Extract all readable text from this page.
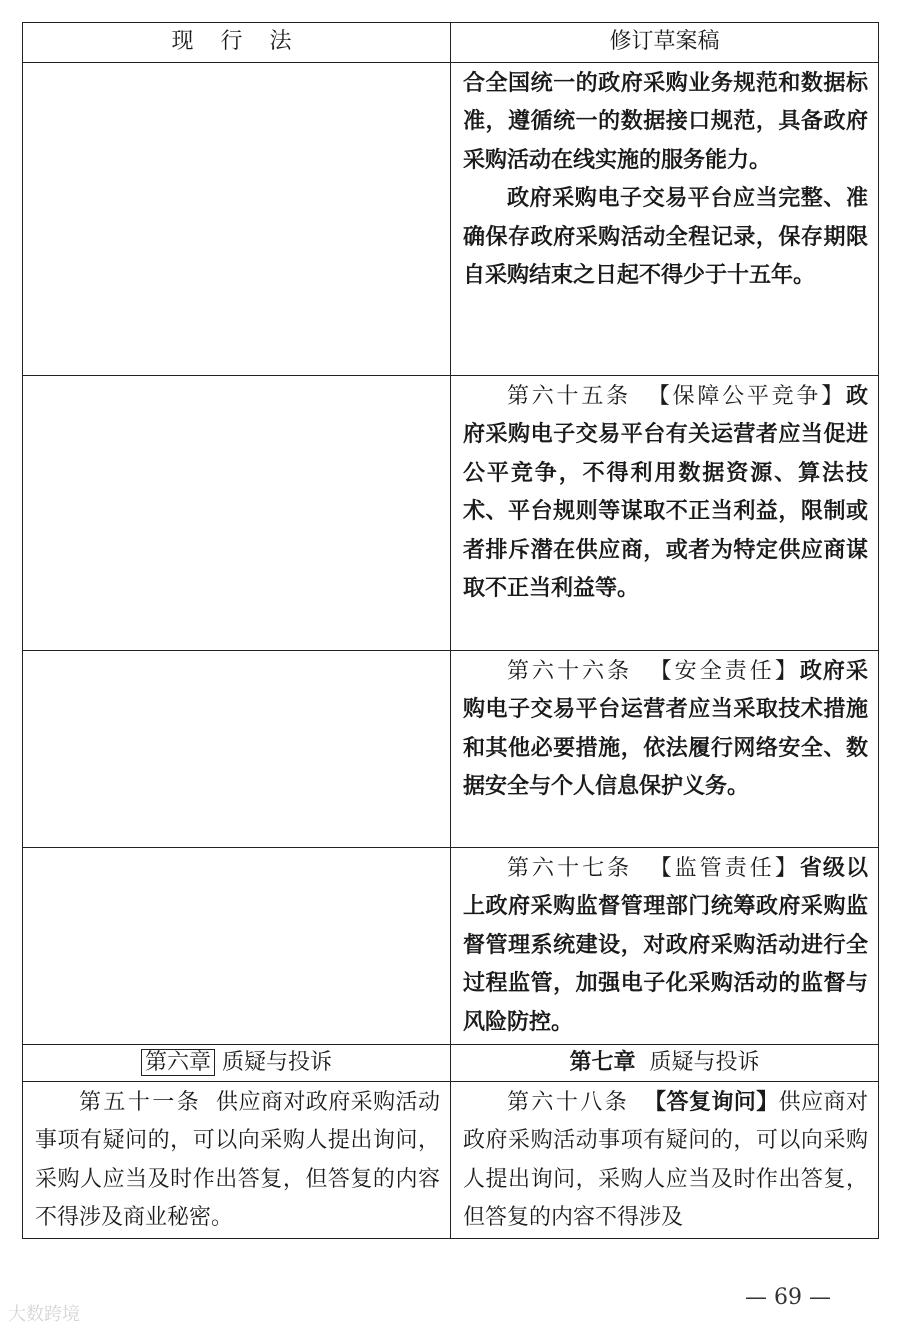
现 行 法	修订草案稿

	合全国统一的政府采购业务规范和数据标准，遵循统一的数据接口规范，具备政府采购活动在线实施的服务能力。

政府采购电子交易平台应当完整、准确保存政府采购活动全程记录，保存期限自采购结束之日起不得少于十五年。

	第六十五条 【保障公平竞争】政府采购电子交易平台有关运营者应当促进公平竞争，不得利用数据资源、算法技术、平台规则等谋取不正当利益，限制或者排斥潜在供应商，或者为特定供应商谋取不正当利益等。

	第六十六条 【安全责任】政府采购电子交易平台运营者应当采取技术措施和其他必要措施，依法履行网络安全、数据安全与个人信息保护义务。

	第六十七条 【监管责任】省级以上政府采购监督管理部门统筹政府采购监督管理系统建设，对政府采购活动进行全过程监管，加强电子化采购活动的监督与风险防控。

第六章 质疑与投诉	第七章 质疑与投诉

第五十一条 供应商对政府采购活动事项有疑问的，可以向采购人提出询问，采购人应当及时作出答复，但答复的内容不得涉及商业秘密。	第六十八条 【答复询问】供应商对政府采购活动事项有疑问的，可以向采购人提出询问，采购人应当及时作出答复，但答复的内容不得涉及

— 69 —
大数跨境
